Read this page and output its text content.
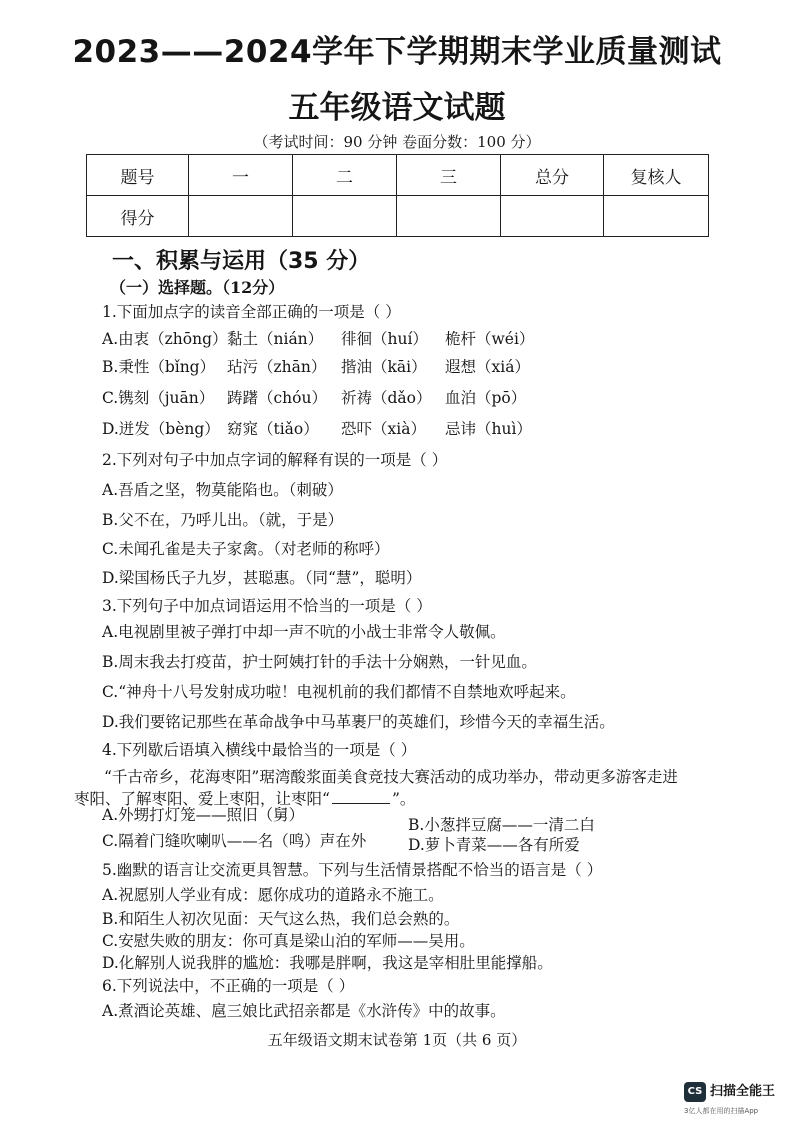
2023——2024学年下学期期末学业质量测试
五年级语文试题
（考试时间：90 分钟 卷面分数：100 分）
题号	一	二	三	总分	复核人
得分					
一、积累与运用（35 分）
（一）选择题。（12分）
1.下面加点字的读音全部正确的一项是（ ）
A.由衷（zhōng）黏土（nián） 徘徊（huí） 桅杆（wéi）
B.秉性（bǐng） 玷污（zhān） 揩油（kāi） 遐想（xiá）
C.镌刻（juān） 踌躇（chóu） 祈祷（dǎo） 血泊（pō）
D.迸发（bèng） 窈窕（tiǎo） 恐吓（xià） 忌讳（huì）
2.下列对句子中加点字词的解释有误的一项是（ ）
A.吾盾之坚，物莫能陷也。（刺破）
B.父不在，乃呼儿出。（就，于是）
C.未闻孔雀是夫子家禽。（对老师的称呼）
D.梁国杨氏子九岁，甚聪惠。（同“慧”，聪明）
3.下列句子中加点词语运用不恰当的一项是（ ）
A.电视剧里被子弹打中却一声不吭的小战士非常令人敬佩。
B.周末我去打疫苗，护士阿姨打针的手法十分娴熟，一针见血。
C.“神舟十八号发射成功啦！电视机前的我们都情不自禁地欢呼起来。
D.我们要铭记那些在革命战争中马革裹尸的英雄们，珍惜今天的幸福生活。
4.下列歇后语填入横线中最恰当的一项是（ ）
“千古帝乡，花海枣阳”琚湾酸浆面美食竞技大赛活动的成功举办，带动更多游客走进
枣阳、了解枣阳、爱上枣阳，让枣阳“	”。
A.外甥打灯笼——照旧（舅）
B.小葱拌豆腐——一清二白
C.隔着门缝吹喇叭——名（鸣）声在外	D.萝卜青菜——各有所爱
5.幽默的语言让交流更具智慧。下列与生活情景搭配不恰当的语言是（ ）
A.祝愿别人学业有成：愿你成功的道路永不施工。
B.和陌生人初次见面：天气这么热，我们总会熟的。
C.安慰失败的朋友：你可真是梁山泊的军师——吴用。
D.化解别人说我胖的尴尬：我哪是胖啊，我这是宰相肚里能撑船。
6.下列说法中，不正确的一项是（ ）
A.煮酒论英雄、扈三娘比武招亲都是《水浒传》中的故事。
五年级语文期末试卷第 1页（共 6 页）
CS 扫描全能王
3亿人都在用的扫描App
